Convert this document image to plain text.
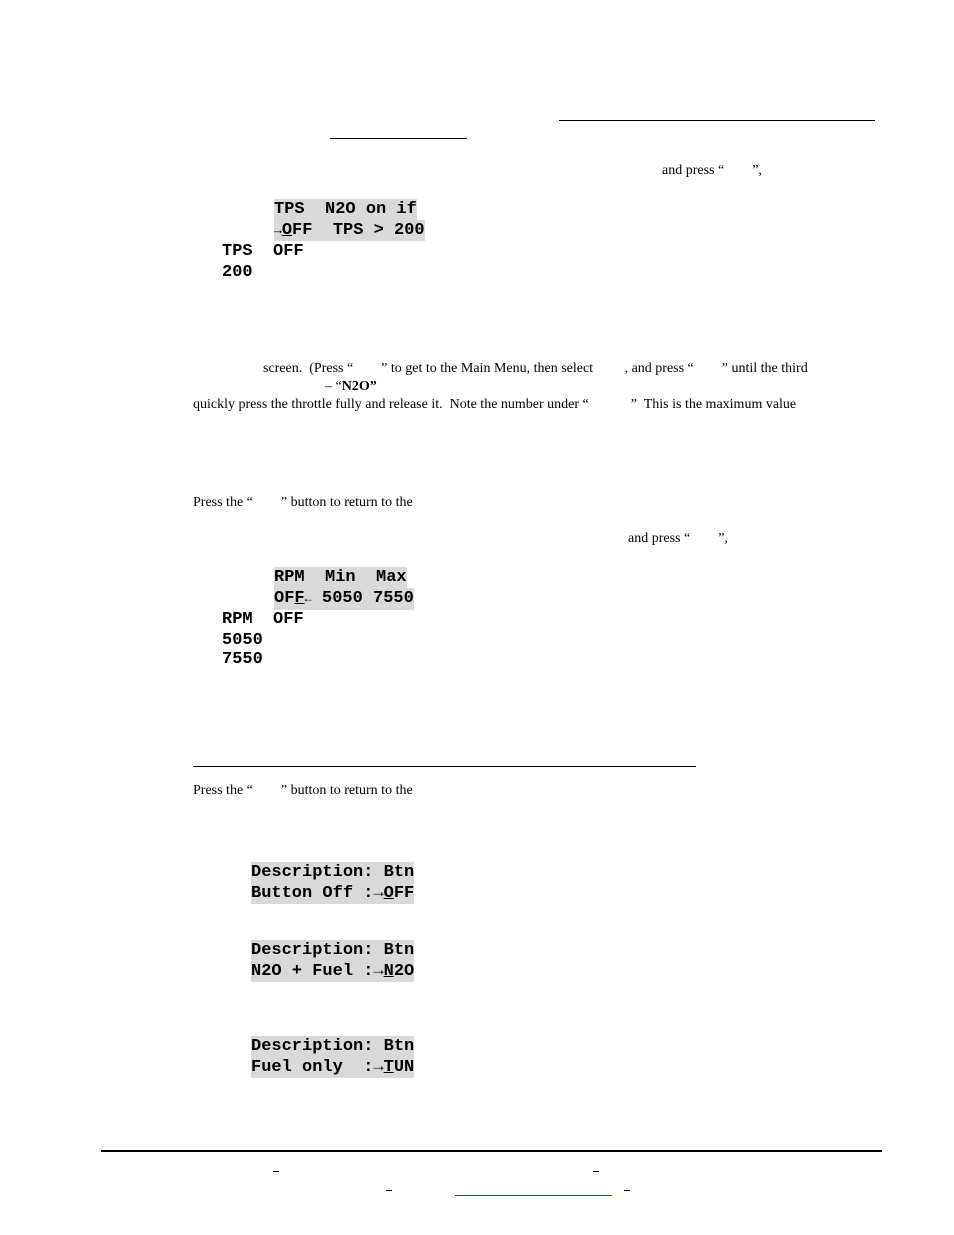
and press “  ”,
TPS  N2O on if
→OFF  TPS > 200
TPS  OFF
200
screen.  (Press “  ” to get to the Main Menu, then select   , and press “  ” until the third
– “N2O”
quickly press the throttle fully and release it.  Note the number under “   ”  This is the maximum value
Press the “  ” button to return to the
and press “  ”,
RPM  Min  Max
OFF← 5050 7550
RPM  OFF
5050
7550
Press the “  ” button to return to the
Description: Btn
Button Off :→OFF
Description: Btn
N2O + Fuel :→N2O
Description: Btn
Fuel only  :→TUN
